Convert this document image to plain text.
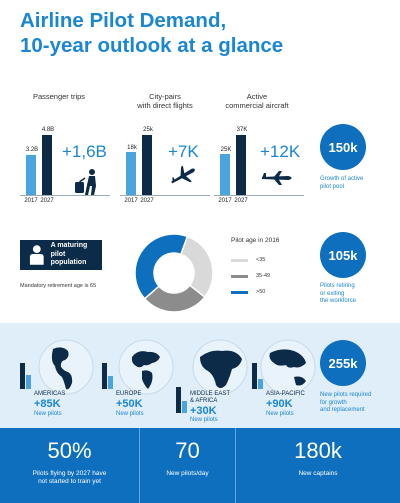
Airline Pilot Demand,
10-year outlook at a glance
Passenger trips	City-pairs
with direct flights
Active
commercial aircraft
3.2B
4.8B
2017 2027
+1,6B	18k
25k
2017 2027
+7K	25K
37K
2017 2027
+12K 150k
Growth of active
pilot pool
A maturing
pilot population
Mandatory retirement age is 65
Pilot age in 2016
<35
35-49
>50
105k
Pilots retiring
or exiting
the workforce
AMERICAS
+85K
New pilots
EUROPE
+50K
New pilots
MIDDLE EAST
& AFRICA
+30K
New pilots
ASIA-PACIFIC
+90K
New pilots
255k
New pilots required
for growth
and replacement
50%
Pilots flying by 2027 have
not started to train yet
70
New pilots/day
180k
New captains
